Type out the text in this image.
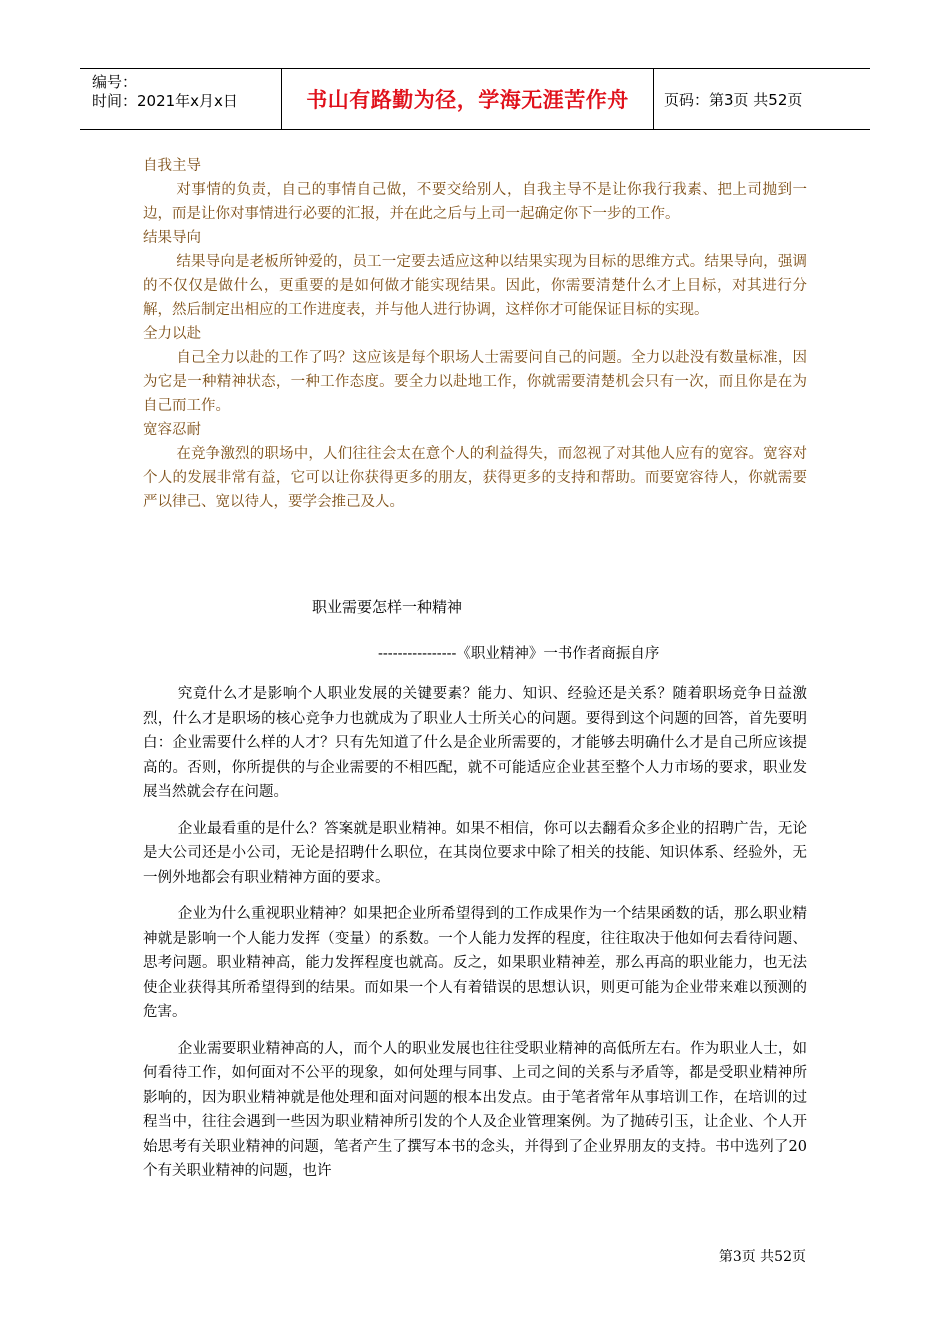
编号：
时间：2021年x月x日	书山有路勤为径，学海无涯苦作舟 页码：第3页 共52页
自我主导

对事情的负责，自己的事情自己做，不要交给别人，自我主导不是让你我行我素、把上司抛到一边，而是让你对事情进行必要的汇报，并在此之后与上司一起确定你下一步的工作。

结果导向

结果导向是老板所钟爱的，员工一定要去适应这种以结果实现为目标的思维方式。结果导向，强调的不仅仅是做什么，更重要的是如何做才能实现结果。因此，你需要清楚什么才上目标，对其进行分解，然后制定出相应的工作进度表，并与他人进行协调，这样你才可能保证目标的实现。

全力以赴

自己全力以赴的工作了吗？这应该是每个职场人士需要问自己的问题。全力以赴没有数量标准，因为它是一种精神状态，一种工作态度。要全力以赴地工作，你就需要清楚机会只有一次，而且你是在为自己而工作。

宽容忍耐

在竞争激烈的职场中，人们往往会太在意个人的利益得失，而忽视了对其他人应有的宽容。宽容对个人的发展非常有益，它可以让你获得更多的朋友，获得更多的支持和帮助。而要宽容待人，你就需要严以律己、宽以待人，要学会推己及人。

职业需要怎样一种精神
----------------《职业精神》一书作者商振自序

究竟什么才是影响个人职业发展的关键要素？能力、知识、经验还是关系？随着职场竞争日益激烈，什么才是职场的核心竞争力也就成为了职业人士所关心的问题。要得到这个问题的回答，首先要明白：企业需要什么样的人才？只有先知道了什么是企业所需要的，才能够去明确什么才是自己所应该提高的。否则，你所提供的与企业需要的不相匹配，就不可能适应企业甚至整个人力市场的要求，职业发展当然就会存在问题。

企业最看重的是什么？答案就是职业精神。如果不相信，你可以去翻看众多企业的招聘广告，无论是大公司还是小公司，无论是招聘什么职位，在其岗位要求中除了相关的技能、知识体系、经验外，无一例外地都会有职业精神方面的要求。

企业为什么重视职业精神？如果把企业所希望得到的工作成果作为一个结果函数的话，那么职业精神就是影响一个人能力发挥（变量）的系数。一个人能力发挥的程度，往往取决于他如何去看待问题、思考问题。职业精神高，能力发挥程度也就高。反之，如果职业精神差，那么再高的职业能力，也无法使企业获得其所希望得到的结果。而如果一个人有着错误的思想认识，则更可能为企业带来难以预测的危害。

企业需要职业精神高的人，而个人的职业发展也往往受职业精神的高低所左右。作为职业人士，如何看待工作，如何面对不公平的现象，如何处理与同事、上司之间的关系与矛盾等，都是受职业精神所影响的，因为职业精神就是他处理和面对问题的根本出发点。由于笔者常年从事培训工作，在培训的过程当中，往往会遇到一些因为职业精神所引发的个人及企业管理案例。为了抛砖引玉，让企业、个人开始思考有关职业精神的问题，笔者产生了撰写本书的念头，并得到了企业界朋友的支持。书中选列了20个有关职业精神的问题，也许

第3页 共52页
